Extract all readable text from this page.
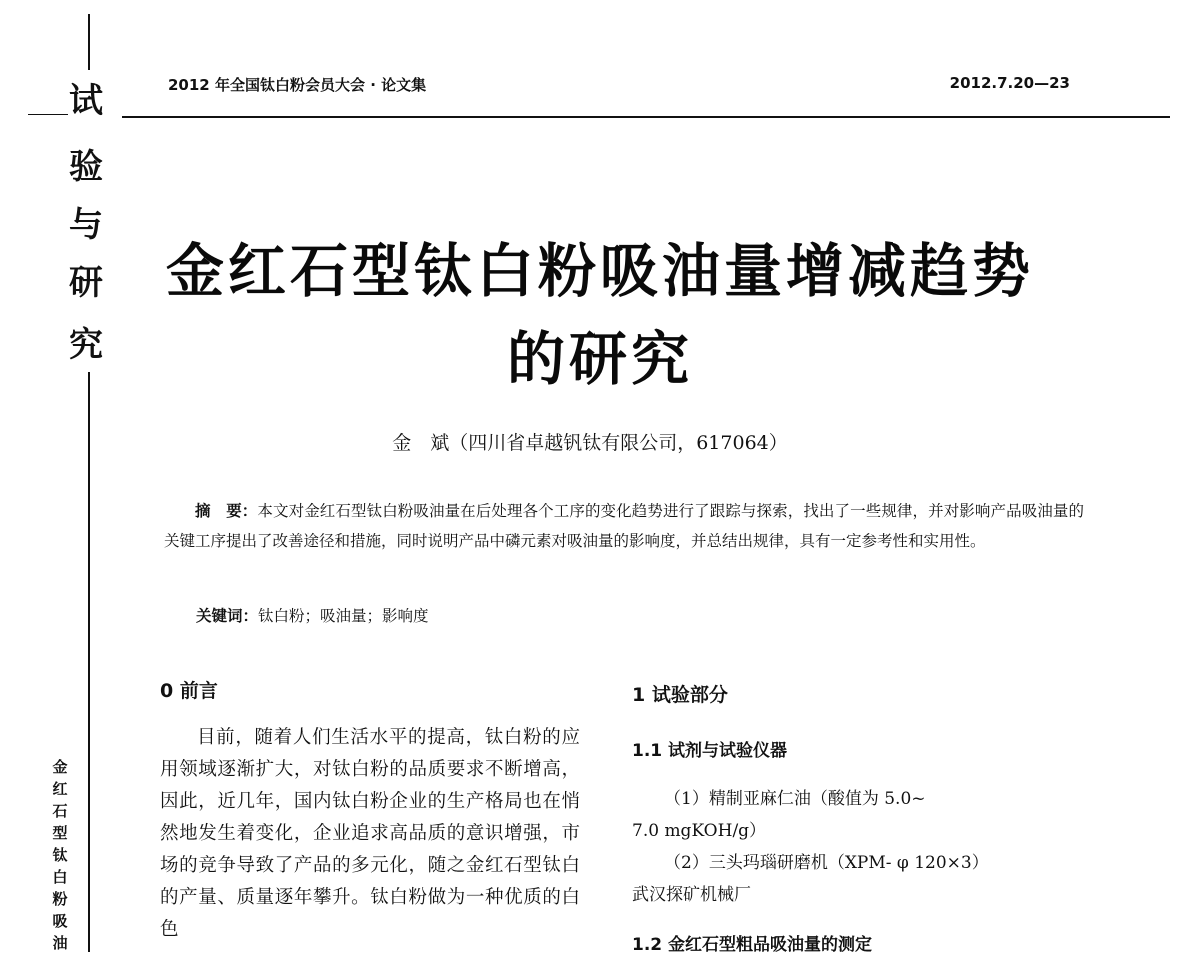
试
验
与
研
究
金
红
石
型
钛
白
粉
吸
油
2012 年全国钛白粉会员大会 · 论文集	2012.7.20—23
金红石型钛白粉吸油量增减趋势
的研究
金　斌（四川省卓越钒钛有限公司，617064）
摘　要：本文对金红石型钛白粉吸油量在后处理各个工序的变化趋势进行了跟踪与探索，找出了一些规律，并对影响产品吸油量的关键工序提出了改善途径和措施，同时说明产品中磷元素对吸油量的影响度，并总结出规律，具有一定参考性和实用性。
关键词：钛白粉；吸油量；影响度
0 前言
目前，随着人们生活水平的提高，钛白粉的应用领域逐渐扩大，对钛白粉的品质要求不断增高，因此，近几年，国内钛白粉企业的生产格局也在悄然地发生着变化，企业追求高品质的意识增强，市场的竞争导致了产品的多元化，随之金红石型钛白的产量、质量逐年攀升。钛白粉做为一种优质的白色
1 试验部分
1.1 试剂与试验仪器
（1）精制亚麻仁油（酸值为 5.0~
7.0 mgKOH/g）
（2）三头玛瑙研磨机（XPM- φ 120×3）
武汉探矿机械厂
1.2 金红石型粗品吸油量的测定
